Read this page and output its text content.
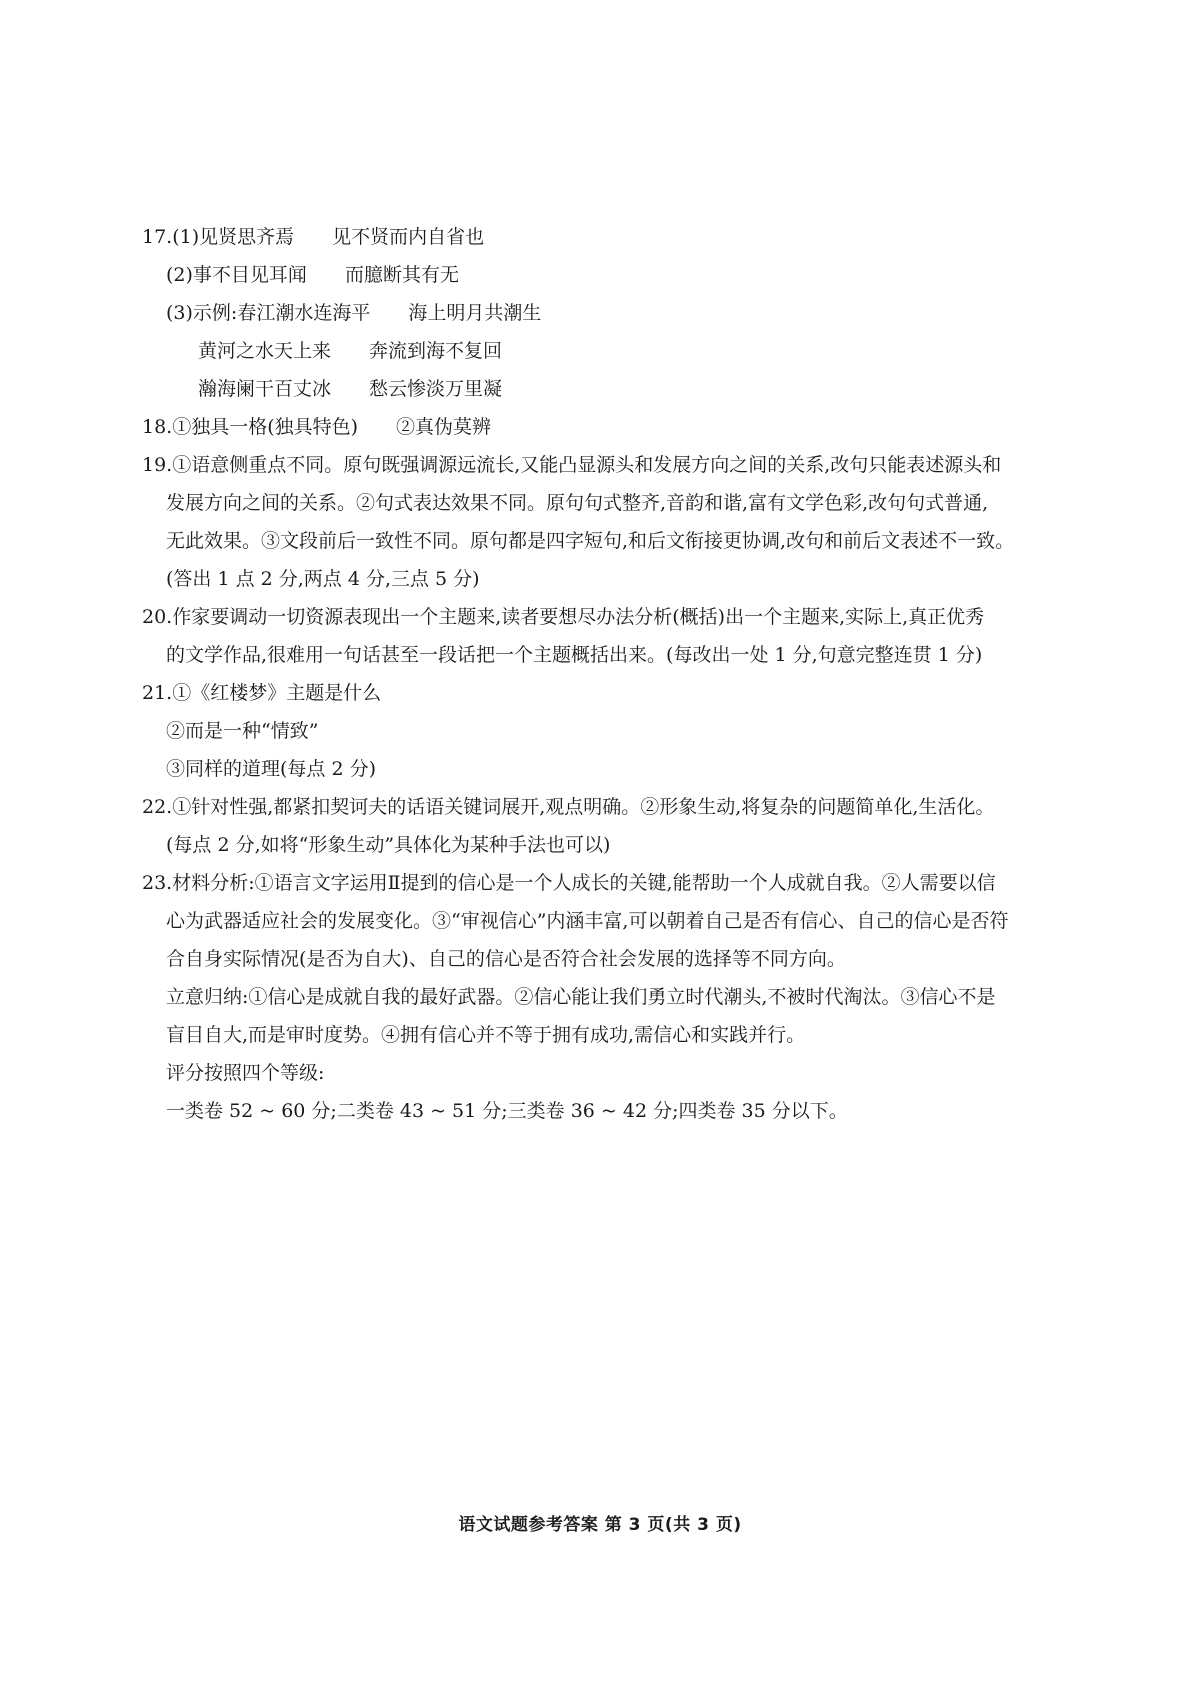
17.(1)见贤思齐焉 见不贤而内自省也
(2)事不目见耳闻 而臆断其有无
(3)示例:春江潮水连海平 海上明月共潮生
黄河之水天上来 奔流到海不复回
瀚海阑干百丈冰 愁云惨淡万里凝
18.①独具一格(独具特色) ②真伪莫辨
19.①语意侧重点不同。原句既强调源远流长,又能凸显源头和发展方向之间的关系,改句只能表述源头和
发展方向之间的关系。②句式表达效果不同。原句句式整齐,音韵和谐,富有文学色彩,改句句式普通,
无此效果。③文段前后一致性不同。原句都是四字短句,和后文衔接更协调,改句和前后文表述不一致。
(答出 1 点 2 分,两点 4 分,三点 5 分)
20.作家要调动一切资源表现出一个主题来,读者要想尽办法分析(概括)出一个主题来,实际上,真正优秀
的文学作品,很难用一句话甚至一段话把一个主题概括出来。(每改出一处 1 分,句意完整连贯 1 分)
21.①《红楼梦》主题是什么
②而是一种“情致”
③同样的道理(每点 2 分)
22.①针对性强,都紧扣契诃夫的话语关键词展开,观点明确。②形象生动,将复杂的问题简单化,生活化。
(每点 2 分,如将“形象生动”具体化为某种手法也可以)
23.材料分析:①语言文字运用Ⅱ提到的信心是一个人成长的关键,能帮助一个人成就自我。②人需要以信
心为武器适应社会的发展变化。③“审视信心”内涵丰富,可以朝着自己是否有信心、自己的信心是否符
合自身实际情况(是否为自大)、自己的信心是否符合社会发展的选择等不同方向。
立意归纳:①信心是成就自我的最好武器。②信心能让我们勇立时代潮头,不被时代淘汰。③信心不是
盲目自大,而是审时度势。④拥有信心并不等于拥有成功,需信心和实践并行。
评分按照四个等级:
一类卷 52 ~ 60 分;二类卷 43 ~ 51 分;三类卷 36 ~ 42 分;四类卷 35 分以下。
语文试题参考答案 第 3 页(共 3 页)
